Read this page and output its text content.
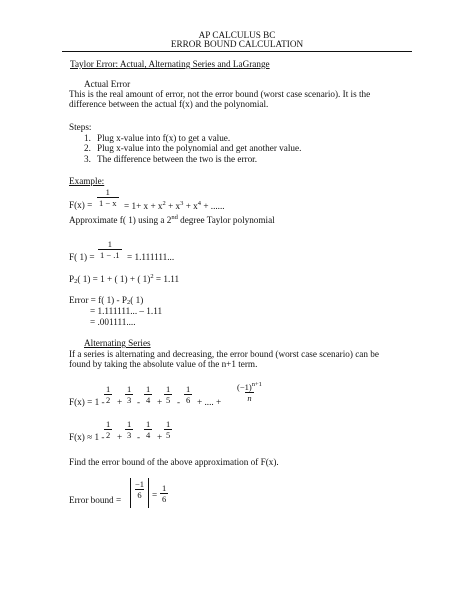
AP CALCULUS BC
ERROR BOUND CALCULATION
Taylor Error: Actual, Alternating Series and LaGrange
Actual Error
This is the real amount of error, not the error bound (worst case scenario). It is the
difference between the actual f(x) and the polynomial.
Steps:
1. Plug x-value into f(x) to get a value.
2. Plug x-value into the polynomial and get another value.
3. The difference between the two is the error.
Example:
$F(x) = \frac{1}{1 - x} = 1+ x + x^2 + x^3 + x^4$ + ......
Approximate f( 1) using a 2nd degree Taylor polynomial
F( $1) = \frac{1}{1 - .1} = 1.111111$...
$P_2$( 1) = 1 + ( 1) + ( 1)$^2$ = 1.11
Error = f( $1) - P_2$( 1)
= 1.111111... – 1.11
= .001111....
Alternating Series
If a series is alternating and decreasing, the error bound (worst case scenario) can be
found by taking the absolute value of the n+1 term.
$F(x) = 1 - \frac{1}{2} + \frac{1}{3} - \frac{1}{4} + \frac{1}{5} - \frac{1}{6}$ + .... + $\frac{(-1)^{n+1}}{n}$
$F(x) \approx 1 - \frac{1}{2} + \frac{1}{3} - \frac{1}{4} + \frac{1}{5}$
Find the error bound of the above approximation of F(x).
Error bound =
$\frac{-1}{6} = \frac{1}{6}$
